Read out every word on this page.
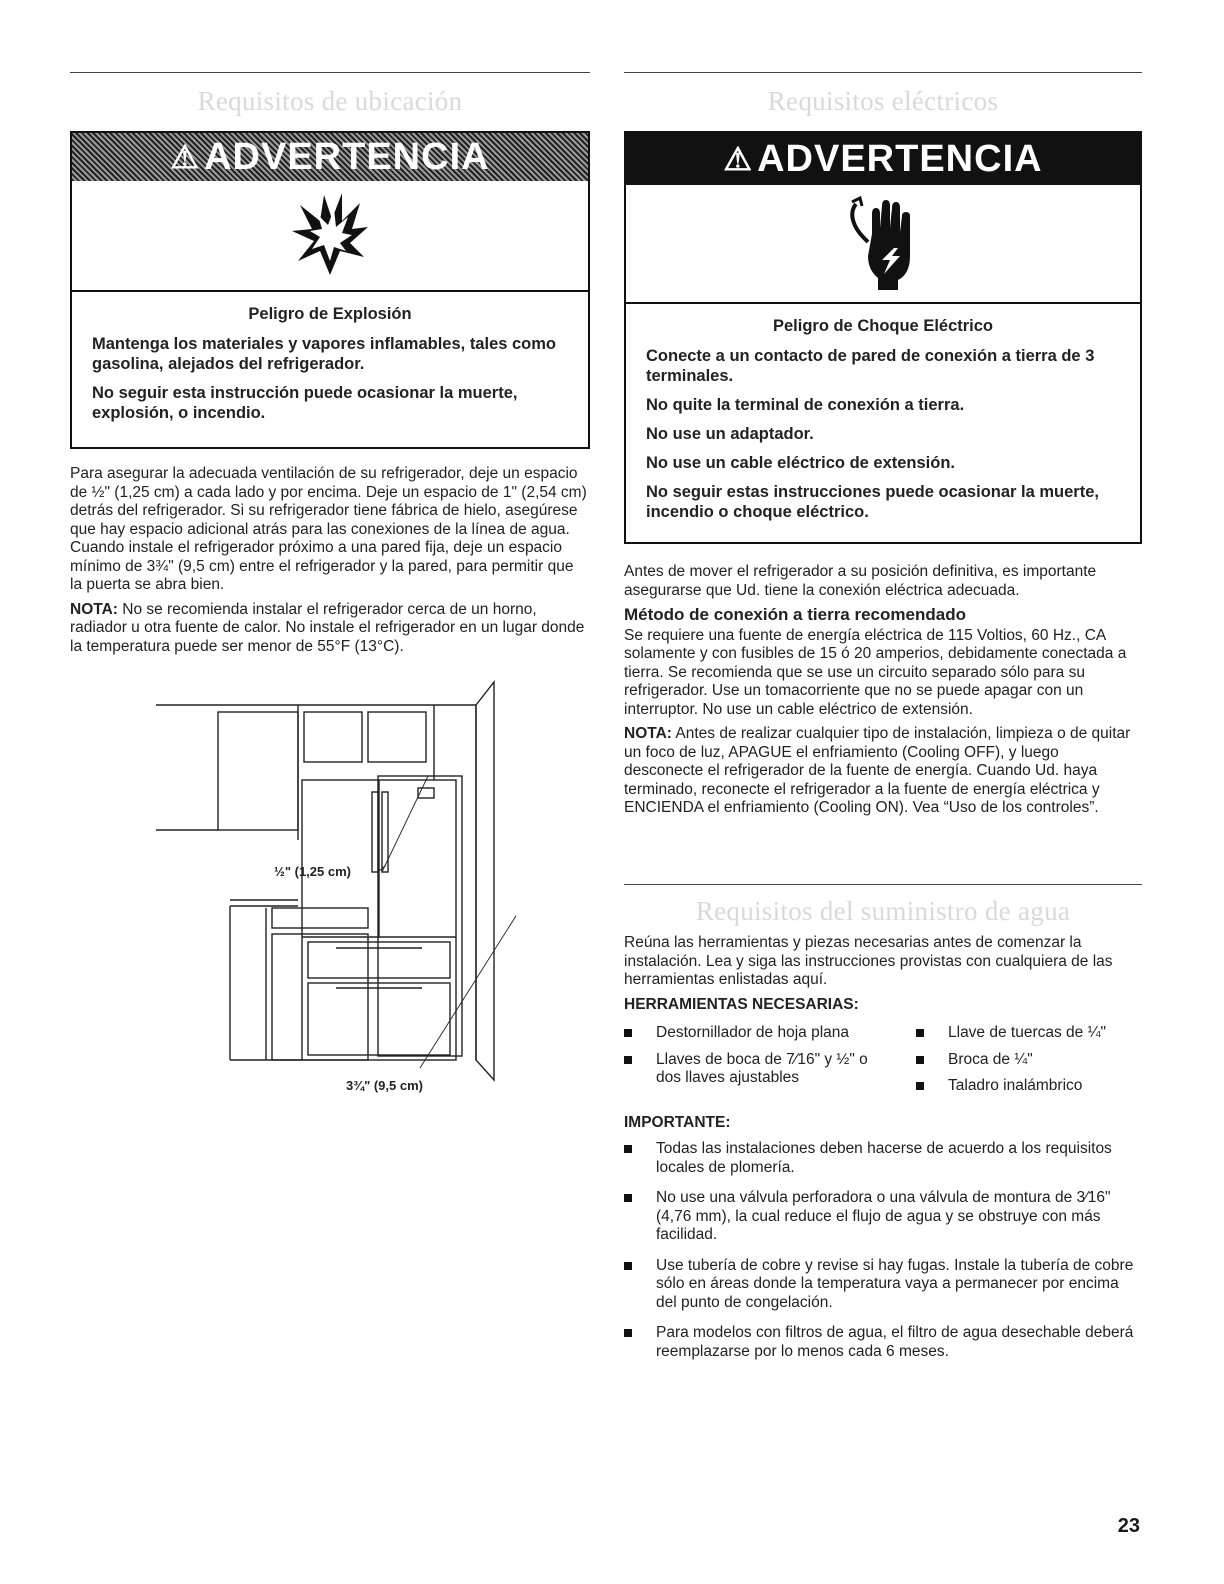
Requisitos de ubicación
⚠ ADVERTENCIA
Peligro de Explosión

Mantenga los materiales y vapores inflamables, tales como gasolina, alejados del refrigerador.

No seguir esta instrucción puede ocasionar la muerte, explosión, o incendio.

Para asegurar la adecuada ventilación de su refrigerador, deje un espacio de ½" (1,25 cm) a cada lado y por encima. Deje un espacio de 1" (2,54 cm) detrás del refrigerador. Si su refrigerador tiene fábrica de hielo, asegúrese que hay espacio adicional atrás para las conexiones de la línea de agua. Cuando instale el refrigerador próximo a una pared fija, deje un espacio mínimo de 3¾" (9,5 cm) entre el refrigerador y la pared, para permitir que la puerta se abra bien.

NOTA: No se recomienda instalar el refrigerador cerca de un horno, radiador u otra fuente de calor. No instale el refrigerador en un lugar donde la temperatura puede ser menor de 55°F (13°C).

½" (1,25 cm)
3¾" (9,5 cm)
Requisitos eléctricos
⚠ ADVERTENCIA
Peligro de Choque Eléctrico

Conecte a un contacto de pared de conexión a tierra de 3 terminales.

No quite la terminal de conexión a tierra.

No use un adaptador.

No use un cable eléctrico de extensión.

No seguir estas instrucciones puede ocasionar la muerte, incendio o choque eléctrico.

Antes de mover el refrigerador a su posición definitiva, es importante asegurarse que Ud. tiene la conexión eléctrica adecuada.

Método de conexión a tierra recomendado

Se requiere una fuente de energía eléctrica de 115 Voltios, 60 Hz., CA solamente y con fusibles de 15 ó 20 amperios, debidamente conectada a tierra. Se recomienda que se use un circuito separado sólo para su refrigerador. Use un tomacorriente que no se puede apagar con un interruptor. No use un cable eléctrico de extensión.

NOTA: Antes de realizar cualquier tipo de instalación, limpieza o de quitar un foco de luz, APAGUE el enfriamiento (Cooling OFF), y luego desconecte el refrigerador de la fuente de energía. Cuando Ud. haya terminado, reconecte el refrigerador a la fuente de energía eléctrica y ENCIENDA el enfriamiento (Cooling ON). Vea “Uso de los controles”.

Requisitos del suministro de agua

Reúna las herramientas y piezas necesarias antes de comenzar la instalación. Lea y siga las instrucciones provistas con cualquiera de las herramientas enlistadas aquí.

HERRAMIENTAS NECESARIAS:
Destornillador de hoja plana
Llaves de boca de 7⁄16" y ½" o dos llaves ajustables
Llave de tuercas de ¼"
Broca de ¼"
Taladro inalámbrico
IMPORTANTE:
Todas las instalaciones deben hacerse de acuerdo a los requisitos locales de plomería.
No use una válvula perforadora o una válvula de montura de 3⁄16" (4,76 mm), la cual reduce el flujo de agua y se obstruye con más facilidad.
Use tubería de cobre y revise si hay fugas. Instale la tubería de cobre sólo en áreas donde la temperatura vaya a permanecer por encima del punto de congelación.
Para modelos con filtros de agua, el filtro de agua desechable deberá reemplazarse por lo menos cada 6 meses.
23
